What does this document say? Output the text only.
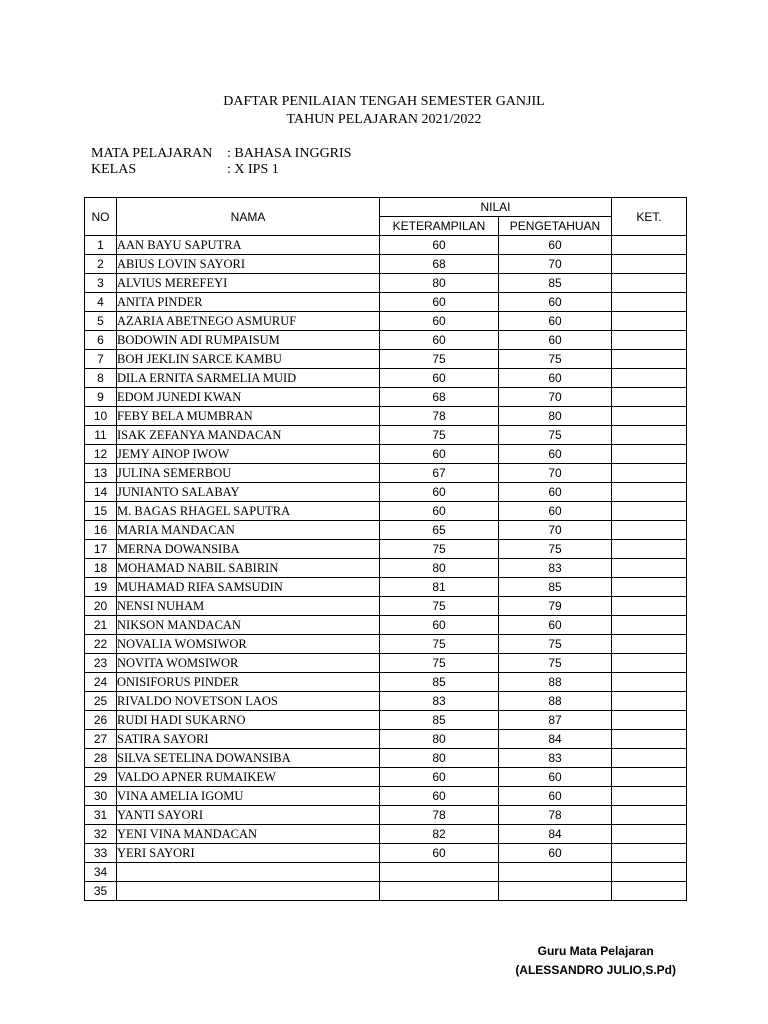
DAFTAR PENILAIAN TENGAH SEMESTER GANJIL
TAHUN PELAJARAN 2021/2022
MATA PELAJARAN : BAHASA INGGRIS
KELAS	: X IPS 1
NO	NAMA	NILAI		KET.
		KETERAMPILAN	PENGETAHUAN	
1	AAN BAYU SAPUTRA	60	60	
2	ABIUS LOVIN SAYORI	68	70	
3	ALVIUS MEREFEYI	80	85	
4	ANITA PINDER	60	60	
5	AZARIA ABETNEGO ASMURUF	60	60	
6	BODOWIN ADI RUMPAISUM	60	60	
7	BOH JEKLIN SARCE KAMBU	75	75	
8	DILA ERNITA SARMELIA MUID	60	60	
9	EDOM JUNEDI KWAN	68	70	
10	FEBY BELA MUMBRAN	78	80	
11	ISAK ZEFANYA MANDACAN	75	75	
12	JEMY AINOP IWOW	60	60	
13	JULINA SEMERBOU	67	70	
14	JUNIANTO SALABAY	60	60	
15	M. BAGAS RHAGEL SAPUTRA	60	60	
16	MARIA MANDACAN	65	70	
17	MERNA DOWANSIBA	75	75	
18	MOHAMAD NABIL SABIRIN	80	83	
19	MUHAMAD RIFA SAMSUDIN	81	85	
20	NENSI NUHAM	75	79	
21	NIKSON MANDACAN	60	60	
22	NOVALIA WOMSIWOR	75	75	
23	NOVITA WOMSIWOR	75	75	
24	ONISIFORUS PINDER	85	88	
25	RIVALDO NOVETSON LAOS	83	88	
26	RUDI HADI SUKARNO	85	87	
27	SATIRA SAYORI	80	84	
28	SILVA SETELINA DOWANSIBA	80	83	
29	VALDO APNER RUMAIKEW	60	60	
30	VINA AMELIA IGOMU	60	60	
31	YANTI SAYORI	78	78	
32	YENI VINA MANDACAN	82	84	
33	YERI SAYORI	60	60	
34				
35				
Guru Mata Pelajaran
(ALESSANDRO JULIO,S.Pd)
